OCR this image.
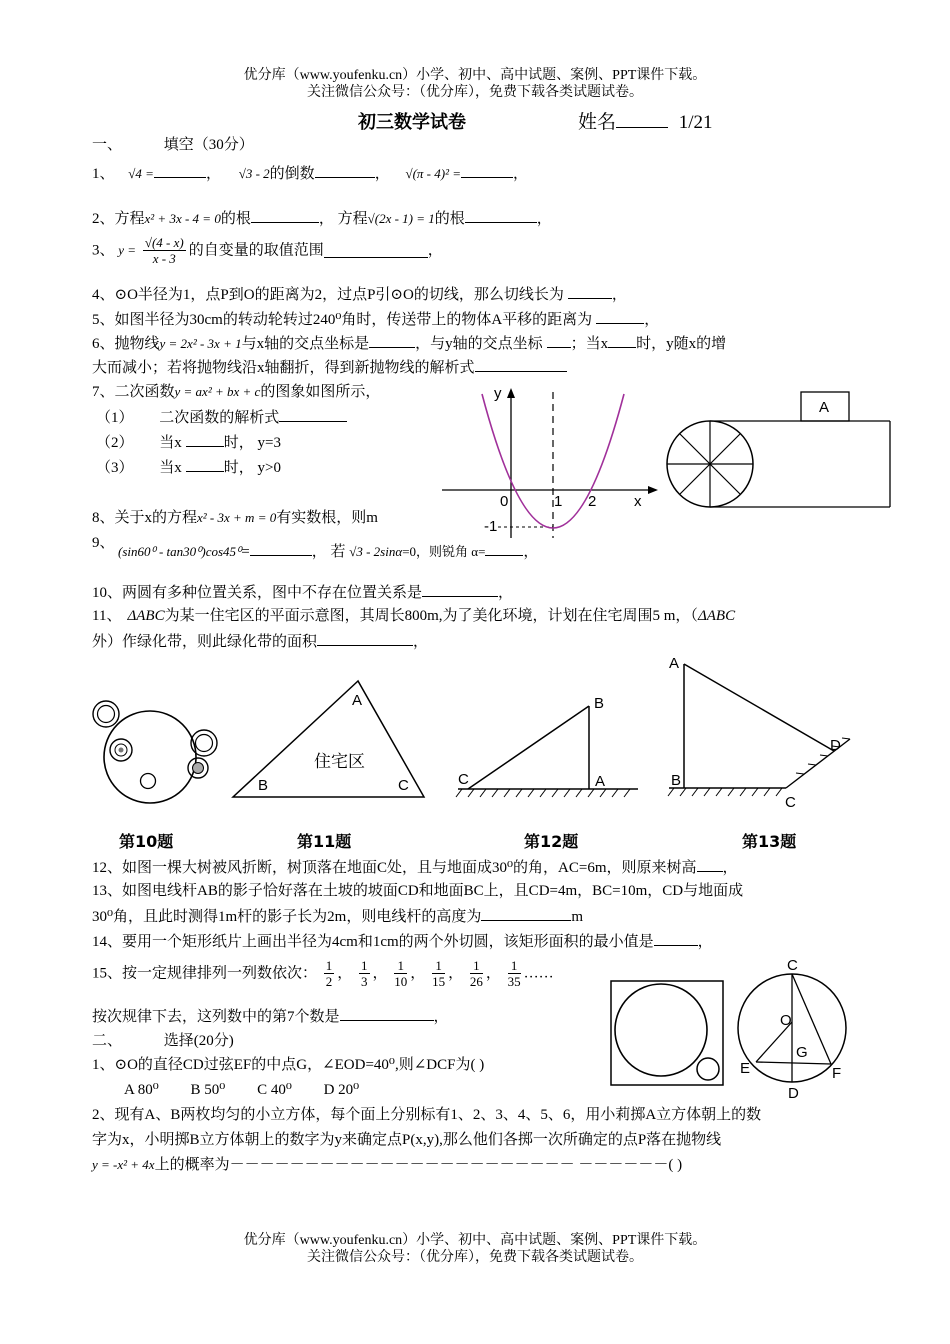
优分库（www.youfenku.cn）小学、初中、高中试题、案例、PPT课件下载。
关注微信公众号：（优分库），免费下载各类试题试卷。
初三数学试卷	姓名	1/21
一、	填空（30分）
1、 √4 =	， √3 - 2的倒数	， √(π - 4)² =	，
2、方程x² + 3x - 4 = 0的根	， 方程√(2x - 1) = 1的根	，
3、 $y = \frac{√(4 - x)}{x - 3}$ 的自变量的取值范围	，
4、⊙O半径为1，点P到O的距离为2，过点P引⊙O的切线，那么切线长为	，
5、如图半径为30cm的转动轮转过240⁰角时，传送带上的物体A平移的距离为	，
6、抛物线y = 2x² - 3x + 1与x轴的交点坐标是	，与y轴的交点坐标 ；当x 时，y随x的增
大而减小；若将抛物线沿x轴翻折，得到新抛物线的解析式
7、二次函数y = ax² + bx + c的图象如图所示，
（1） 二次函数的解析式
（2） 当x	时， y=3
（3） 当x	时， y>0
8、关于x的方程x² - 3x + m = 0有实数根，则m
9、
(sin60⁰ - tan30⁰)cos45⁰=	， 若 √3 - 2sinα=0，则锐角 α=	，
10、两圆有多种位置关系，图中不存在位置关系是	，
11、 ΔABC为某一住宅区的平面示意图，其周长800m,为了美化环境，计划在住宅周围5 m，（ΔABC
外）作绿化带，则此绿化带的面积	，
y
x
0	1 2
-1
A
A
B	C
住宅区
B
A
C
A
B
C
D
第10题	第11题	第12题	第13题
12、如图一棵大树被风折断，树顶落在地面C处，且与地面成30⁰的角，AC=6m，则原来树高 ，
13、如图电线杆AB的影子恰好落在土坡的坡面CD和地面BC上，且CD=4m，BC=10m，CD与地面成
30⁰角，且此时测得1m杆的影子长为2m，则电线杆的高度为	m
14、要用一个矩形纸片上画出半径为4cm和1cm的两个外切圆，该矩形面积的最小值是	，
15、按一定规律排列一列数依次： $\frac{1}{2}$ ， $\frac{1}{3}$ ， $\frac{1}{10}$ ， $\frac{1}{15}$ ， $\frac{1}{26}$ ， $\frac{1}{35}$ ……
按次规律下去，这列数中的第7个数是	，
C
O
G
E	F
D
二、	选择(20分)
1、⊙O的直径CD过弦EF的中点G，∠EOD=40⁰,则∠DCF为( )
A 80⁰ B 50⁰ C 40⁰ D 20⁰
2、现有A、B两枚均匀的小立方体，每个面上分别标有1、2、3、4、5、6，用小莉掷A立方体朝上的数
字为x，小明掷B立方体朝上的数字为y来确定点P(x,y),那么他们各掷一次所确定的点P落在抛物线
y = -x² + 4x上的概率为－－－－－－－－－－－－－－－－－－－－－－－ －－－－－－( )
优分库（www.youfenku.cn）小学、初中、高中试题、案例、PPT课件下载。
关注微信公众号：（优分库），免费下载各类试题试卷。
